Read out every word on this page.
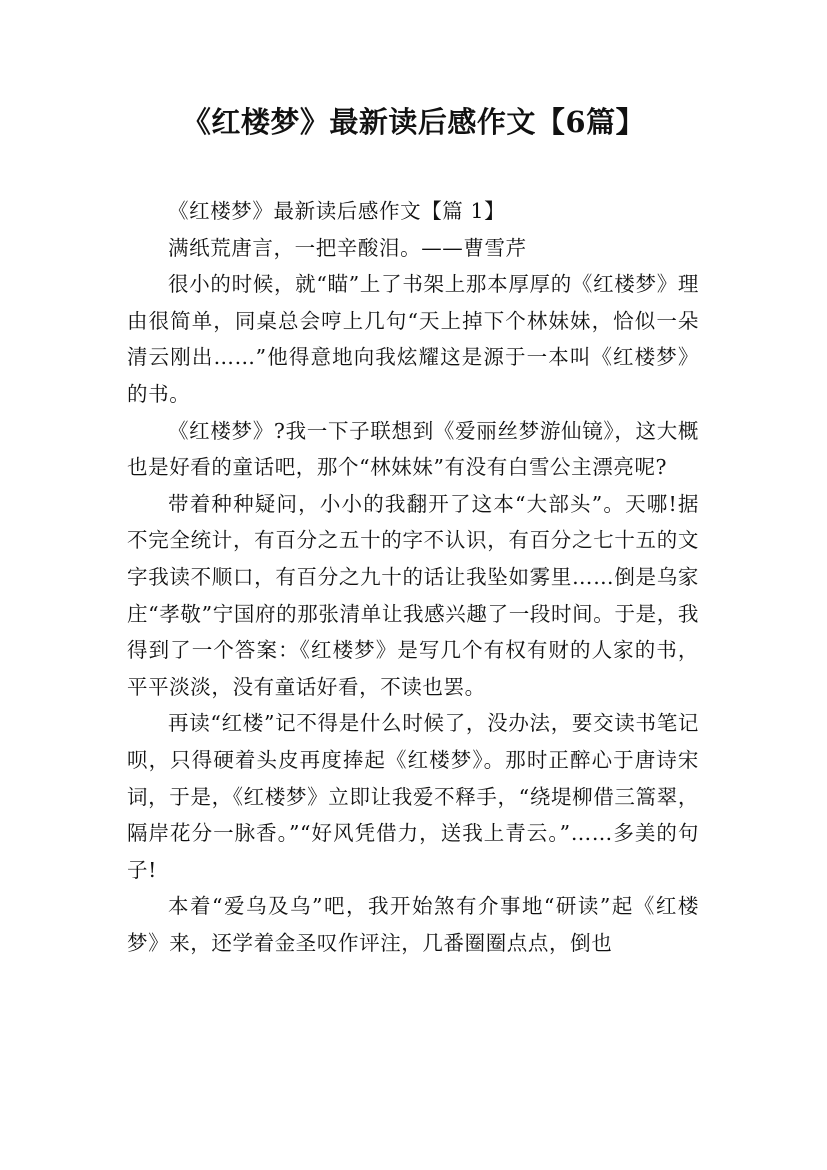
《红楼梦》最新读后感作文【6篇】

《红楼梦》最新读后感作文【篇 1】

满纸荒唐言，一把辛酸泪。——曹雪芹

很小的时候，就“瞄”上了书架上那本厚厚的《红楼梦》理由很简单，同桌总会哼上几句“天上掉下个林妹妹，恰似一朵清云刚出……”他得意地向我炫耀这是源于一本叫《红楼梦》的书。

《红楼梦》?我一下子联想到《爱丽丝梦游仙镜》，这大概也是好看的童话吧，那个“林妹妹”有没有白雪公主漂亮呢?

带着种种疑问，小小的我翻开了这本“大部头”。天哪!据不完全统计，有百分之五十的字不认识，有百分之七十五的文字我读不顺口，有百分之九十的话让我坠如雾里……倒是乌家庄“孝敬”宁国府的那张清单让我感兴趣了一段时间。于是，我得到了一个答案：《红楼梦》是写几个有权有财的人家的书，平平淡淡，没有童话好看，不读也罢。

再读“红楼”记不得是什么时候了，没办法，要交读书笔记呗，只得硬着头皮再度捧起《红楼梦》。那时正醉心于唐诗宋词，于是，《红楼梦》立即让我爱不释手，“绕堤柳借三篙翠，隔岸花分一脉香。”“好风凭借力，送我上青云。”……多美的句子!

本着“爱乌及乌”吧，我开始煞有介事地“研读”起《红楼梦》来，还学着金圣叹作评注，几番圈圈点点，倒也
